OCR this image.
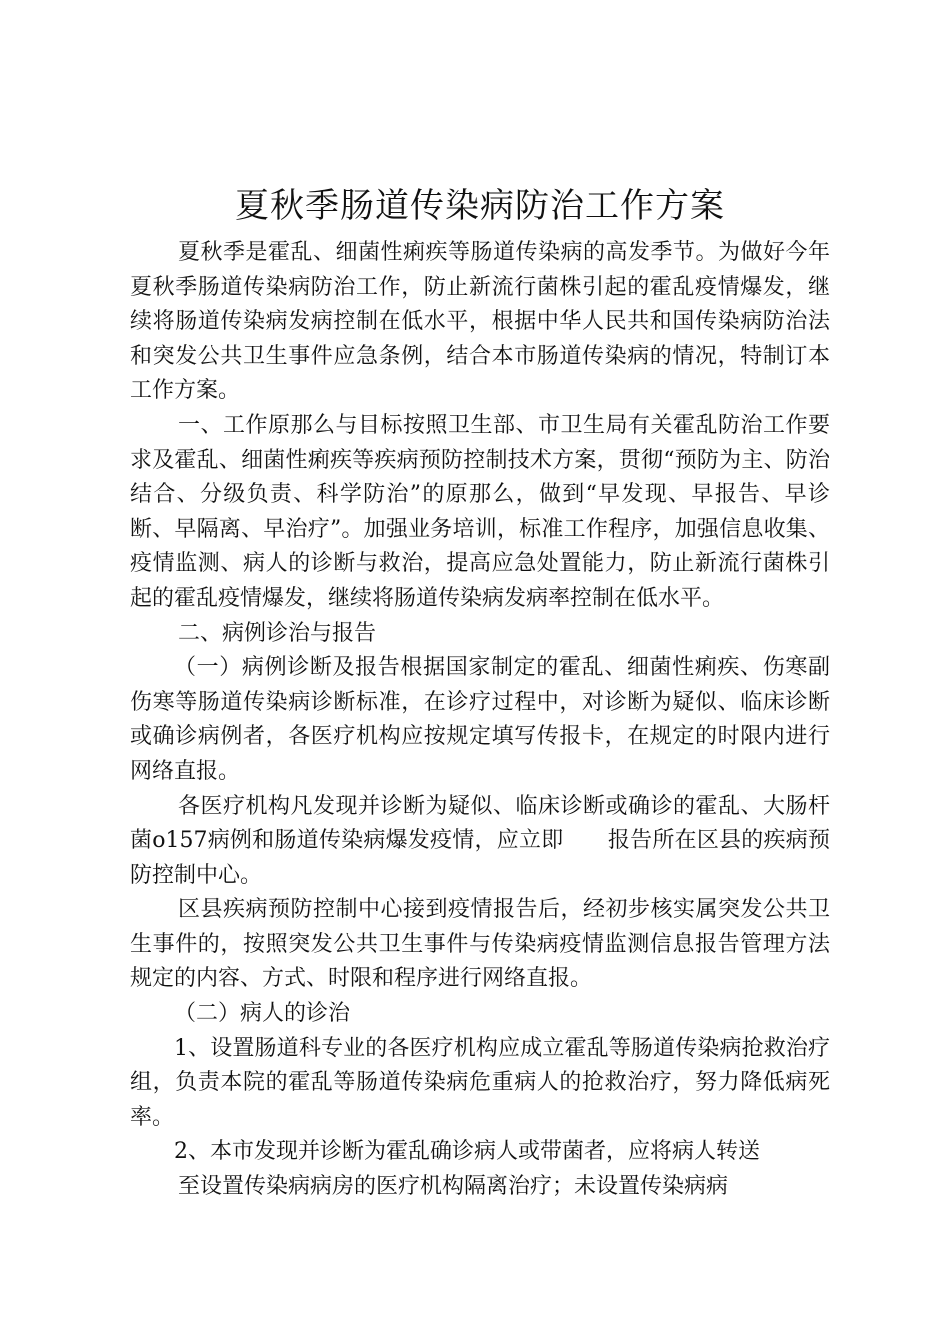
夏秋季肠道传染病防治工作方案

夏秋季是霍乱、细菌性痢疾等肠道传染病的高发季节。为做好今年夏秋季肠道传染病防治工作，防止新流行菌株引起的霍乱疫情爆发，继续将肠道传染病发病控制在低水平，根据中华人民共和国传染病防治法和突发公共卫生事件应急条例，结合本市肠道传染病的情况，特制订本工作方案。

一、工作原那么与目标按照卫生部、市卫生局有关霍乱防治工作要求及霍乱、细菌性痢疾等疾病预防控制技术方案，贯彻“预防为主、防治结合、分级负责、科学防治”的原那么，做到“早发现、早报告、早诊断、早隔离、早治疗”。加强业务培训，标准工作程序，加强信息收集、疫情监测、病人的诊断与救治，提高应急处置能力，防止新流行菌株引起的霍乱疫情爆发，继续将肠道传染病发病率控制在低水平。

二、病例诊治与报告

（一）病例诊断及报告根据国家制定的霍乱、细菌性痢疾、伤寒副伤寒等肠道传染病诊断标准，在诊疗过程中，对诊断为疑似、临床诊断或确诊病例者，各医疗机构应按规定填写传报卡，在规定的时限内进行网络直报。

各医疗机构凡发现并诊断为疑似、临床诊断或确诊的霍乱、大肠杆菌o157病例和肠道传染病爆发疫情，应立即　　报告所在区县的疾病预防控制中心。

区县疾病预防控制中心接到疫情报告后，经初步核实属突发公共卫生事件的，按照突发公共卫生事件与传染病疫情监测信息报告管理方法规定的内容、方式、时限和程序进行网络直报。

（二）病人的诊治

1、设置肠道科专业的各医疗机构应成立霍乱等肠道传染病抢救治疗组，负责本院的霍乱等肠道传染病危重病人的抢救治疗，努力降低病死率。

2、本市发现并诊断为霍乱确诊病人或带菌者，应将病人转送

至设置传染病病房的医疗机构隔离治疗；未设置传染病病
